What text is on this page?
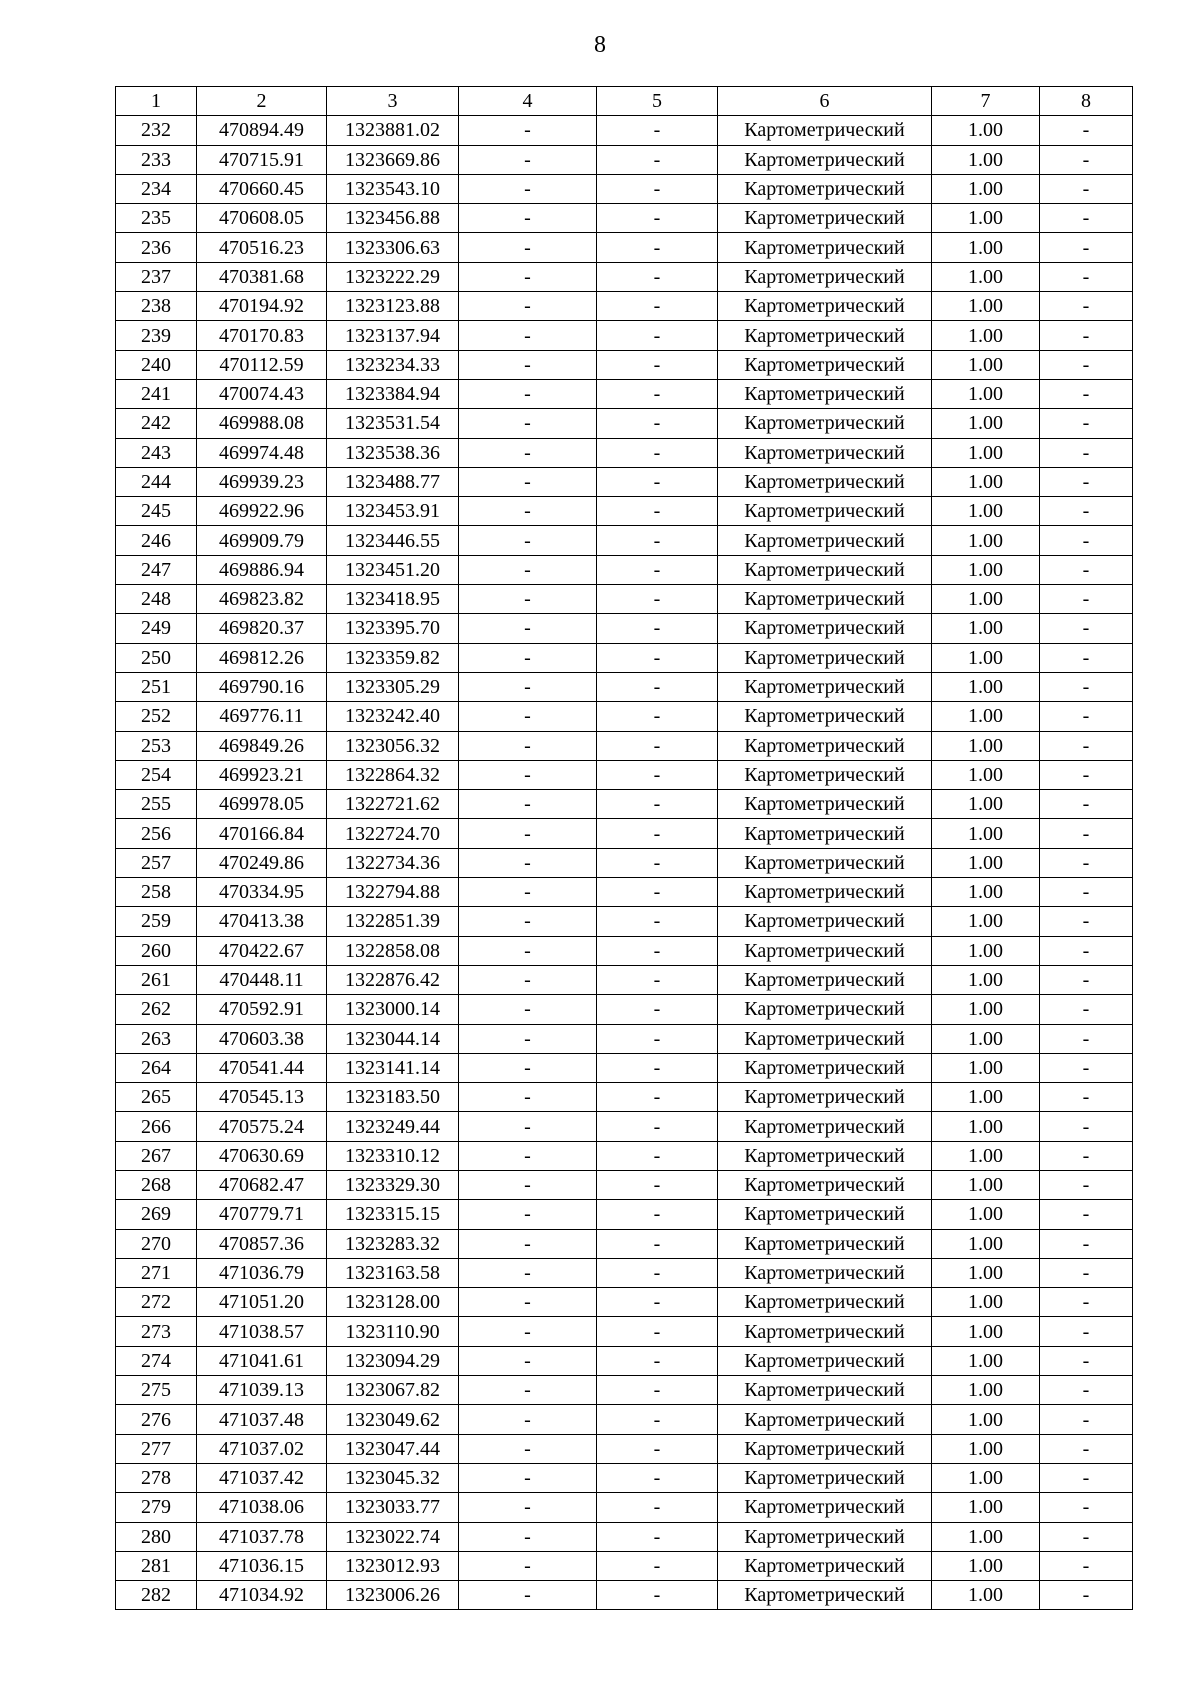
8
1	2	3	4	5	6	7	8
232	470894.49	1323881.02	-	-	Картометрический	1.00	-
233	470715.91	1323669.86	-	-	Картометрический	1.00	-
234	470660.45	1323543.10	-	-	Картометрический	1.00	-
235	470608.05	1323456.88	-	-	Картометрический	1.00	-
236	470516.23	1323306.63	-	-	Картометрический	1.00	-
237	470381.68	1323222.29	-	-	Картометрический	1.00	-
238	470194.92	1323123.88	-	-	Картометрический	1.00	-
239	470170.83	1323137.94	-	-	Картометрический	1.00	-
240	470112.59	1323234.33	-	-	Картометрический	1.00	-
241	470074.43	1323384.94	-	-	Картометрический	1.00	-
242	469988.08	1323531.54	-	-	Картометрический	1.00	-
243	469974.48	1323538.36	-	-	Картометрический	1.00	-
244	469939.23	1323488.77	-	-	Картометрический	1.00	-
245	469922.96	1323453.91	-	-	Картометрический	1.00	-
246	469909.79	1323446.55	-	-	Картометрический	1.00	-
247	469886.94	1323451.20	-	-	Картометрический	1.00	-
248	469823.82	1323418.95	-	-	Картометрический	1.00	-
249	469820.37	1323395.70	-	-	Картометрический	1.00	-
250	469812.26	1323359.82	-	-	Картометрический	1.00	-
251	469790.16	1323305.29	-	-	Картометрический	1.00	-
252	469776.11	1323242.40	-	-	Картометрический	1.00	-
253	469849.26	1323056.32	-	-	Картометрический	1.00	-
254	469923.21	1322864.32	-	-	Картометрический	1.00	-
255	469978.05	1322721.62	-	-	Картометрический	1.00	-
256	470166.84	1322724.70	-	-	Картометрический	1.00	-
257	470249.86	1322734.36	-	-	Картометрический	1.00	-
258	470334.95	1322794.88	-	-	Картометрический	1.00	-
259	470413.38	1322851.39	-	-	Картометрический	1.00	-
260	470422.67	1322858.08	-	-	Картометрический	1.00	-
261	470448.11	1322876.42	-	-	Картометрический	1.00	-
262	470592.91	1323000.14	-	-	Картометрический	1.00	-
263	470603.38	1323044.14	-	-	Картометрический	1.00	-
264	470541.44	1323141.14	-	-	Картометрический	1.00	-
265	470545.13	1323183.50	-	-	Картометрический	1.00	-
266	470575.24	1323249.44	-	-	Картометрический	1.00	-
267	470630.69	1323310.12	-	-	Картометрический	1.00	-
268	470682.47	1323329.30	-	-	Картометрический	1.00	-
269	470779.71	1323315.15	-	-	Картометрический	1.00	-
270	470857.36	1323283.32	-	-	Картометрический	1.00	-
271	471036.79	1323163.58	-	-	Картометрический	1.00	-
272	471051.20	1323128.00	-	-	Картометрический	1.00	-
273	471038.57	1323110.90	-	-	Картометрический	1.00	-
274	471041.61	1323094.29	-	-	Картометрический	1.00	-
275	471039.13	1323067.82	-	-	Картометрический	1.00	-
276	471037.48	1323049.62	-	-	Картометрический	1.00	-
277	471037.02	1323047.44	-	-	Картометрический	1.00	-
278	471037.42	1323045.32	-	-	Картометрический	1.00	-
279	471038.06	1323033.77	-	-	Картометрический	1.00	-
280	471037.78	1323022.74	-	-	Картометрический	1.00	-
281	471036.15	1323012.93	-	-	Картометрический	1.00	-
282	471034.92	1323006.26	-	-	Картометрический	1.00	-
